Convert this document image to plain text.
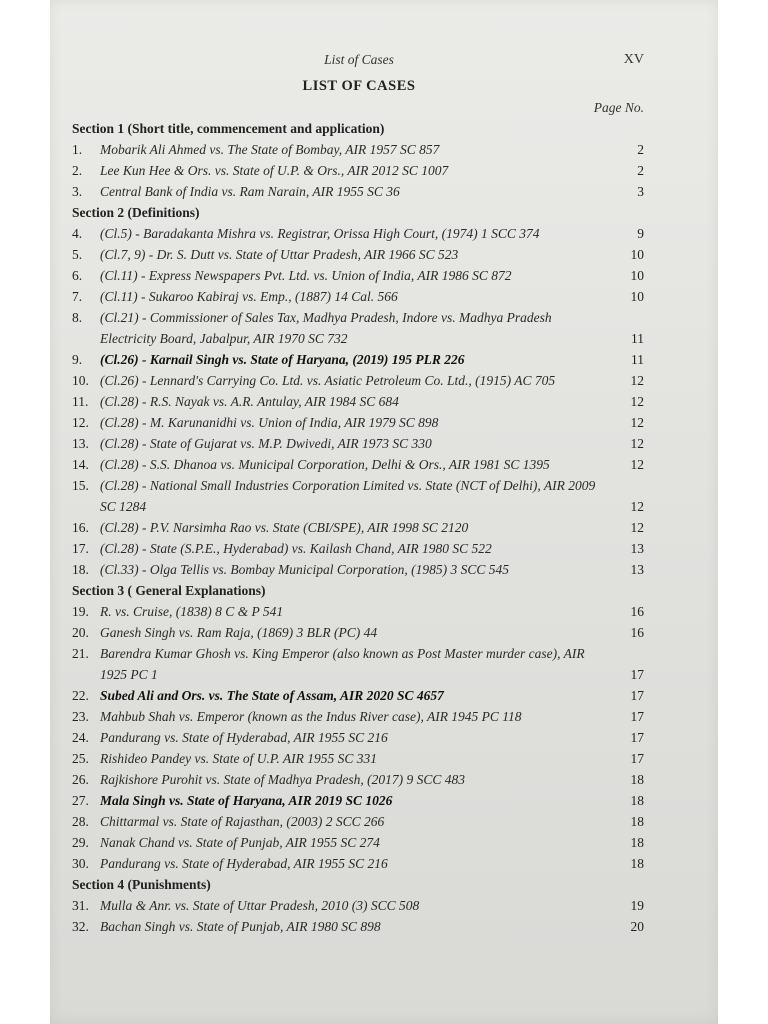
List of Cases	XV
LIST OF CASES
Page No.
Section 1 (Short title, commencement and application)
1.	Mobarik Ali Ahmed vs. The State of Bombay, AIR 1957 SC 857	2
2.	Lee Kun Hee & Ors. vs. State of U.P. & Ors., AIR 2012 SC 1007	2
3.	Central Bank of India vs. Ram Narain, AIR 1955 SC 36	3
Section 2 (Definitions)
4.	(Cl.5) - Baradakanta Mishra vs. Registrar, Orissa High Court, (1974) 1 SCC 374	9
5.	(Cl.7, 9) - Dr. S. Dutt vs. State of Uttar Pradesh, AIR 1966 SC 523	10
6.	(Cl.11) - Express Newspapers Pvt. Ltd. vs. Union of India, AIR 1986 SC 872	10
7.	(Cl.11) - Sukaroo Kabiraj vs. Emp., (1887) 14 Cal. 566	10
8.	(Cl.21) - Commissioner of Sales Tax, Madhya Pradesh, Indore vs. Madhya Pradesh Electricity Board, Jabalpur, AIR 1970 SC 732	11
9.	(Cl.26) - Karnail Singh vs. State of Haryana, (2019) 195 PLR 226	11
10. (Cl.26) - Lennard's Carrying Co. Ltd. vs. Asiatic Petroleum Co. Ltd., (1915) AC 705	12
11. (Cl.28) - R.S. Nayak vs. A.R. Antulay, AIR 1984 SC 684	12
12. (Cl.28) - M. Karunanidhi vs. Union of India, AIR 1979 SC 898	12
13. (Cl.28) - State of Gujarat vs. M.P. Dwivedi, AIR 1973 SC 330	12
14. (Cl.28) - S.S. Dhanoa vs. Municipal Corporation, Delhi & Ors., AIR 1981 SC 1395	12
15. (Cl.28) - National Small Industries Corporation Limited vs. State (NCT of Delhi), AIR 2009 SC 1284	12
16. (Cl.28) - P.V. Narsimha Rao vs. State (CBI/SPE), AIR 1998 SC 2120	12
17. (Cl.28) - State (S.P.E., Hyderabad) vs. Kailash Chand, AIR 1980 SC 522	13
18. (Cl.33) - Olga Tellis vs. Bombay Municipal Corporation, (1985) 3 SCC 545	13
Section 3 ( General Explanations)
19. R. vs. Cruise, (1838) 8 C & P 541	16
20. Ganesh Singh vs. Ram Raja, (1869) 3 BLR (PC) 44	16
21. Barendra Kumar Ghosh vs. King Emperor (also known as Post Master murder case), AIR 1925 PC 1	17
22. Subed Ali and Ors. vs. The State of Assam, AIR 2020 SC 4657	17
23. Mahbub Shah vs. Emperor (known as the Indus River case), AIR 1945 PC 118	17
24. Pandurang vs. State of Hyderabad, AIR 1955 SC 216	17
25. Rishideo Pandey vs. State of U.P. AIR 1955 SC 331	17
26. Rajkishore Purohit vs. State of Madhya Pradesh, (2017) 9 SCC 483	18
27. Mala Singh vs. State of Haryana, AIR 2019 SC 1026	18
28. Chittarmal vs. State of Rajasthan, (2003) 2 SCC 266	18
29. Nanak Chand vs. State of Punjab, AIR 1955 SC 274	18
30. Pandurang vs. State of Hyderabad, AIR 1955 SC 216	18
Section 4 (Punishments)
31. Mulla & Anr. vs. State of Uttar Pradesh, 2010 (3) SCC 508	19
32. Bachan Singh vs. State of Punjab, AIR 1980 SC 898	20
